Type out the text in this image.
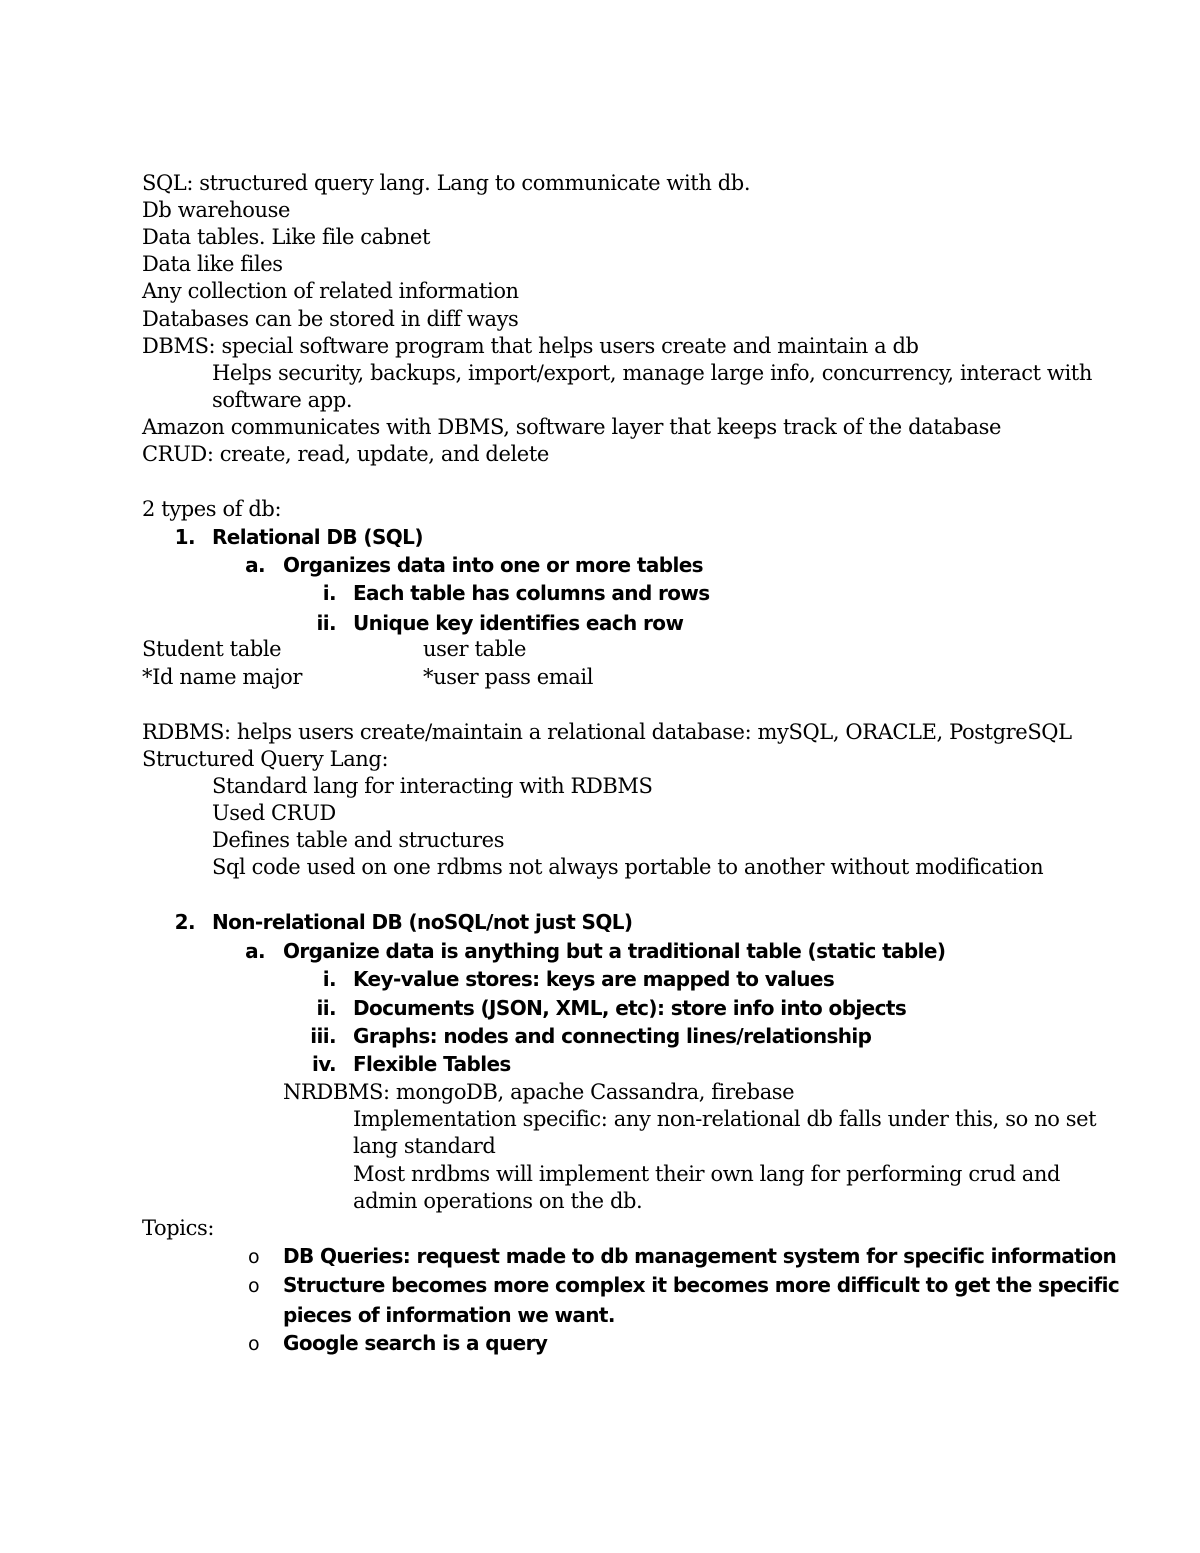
SQL: structured query lang. Lang to communicate with db.
Db warehouse
Data tables. Like file cabnet
Data like files
Any collection of related information
Databases can be stored in diff ways
DBMS: special software program that helps users create and maintain a db
Helps security, backups, import/export, manage large info, concurrency, interact with
software app.
Amazon communicates with DBMS, software layer that keeps track of the database
CRUD: create, read, update, and delete
2 types of db:
1. Relational DB (SQL)
a. Organizes data into one or more tables
i. Each table has columns and rows
ii. Unique key identifies each row
Student table	user table
*Id name major	*user pass email
RDBMS: helps users create/maintain a relational database: mySQL, ORACLE, PostgreSQL
Structured Query Lang:
Standard lang for interacting with RDBMS
Used CRUD
Defines table and structures
Sql code used on one rdbms not always portable to another without modification
2. Non-relational DB (noSQL/not just SQL)
a. Organize data is anything but a traditional table (static table)
i. Key-value stores: keys are mapped to values
ii. Documents (JSON, XML, etc): store info into objects
iii. Graphs: nodes and connecting lines/relationship
iv. Flexible Tables
NRDBMS: mongoDB, apache Cassandra, firebase
Implementation specific: any non-relational db falls under this, so no set
lang standard
Most nrdbms will implement their own lang for performing crud and
admin operations on the db.
Topics:
o DB Queries: request made to db management system for specific information
o Structure becomes more complex it becomes more difficult to get the specific
pieces of information we want.
o Google search is a query
